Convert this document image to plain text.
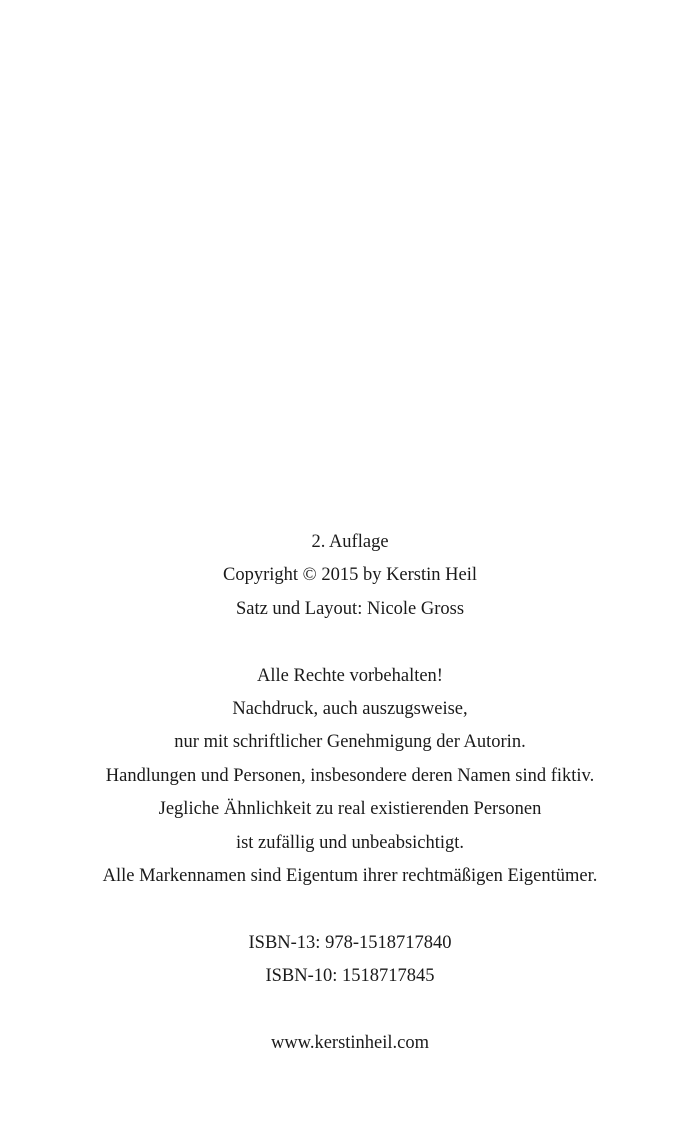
2. Auflage
Copyright © 2015 by Kerstin Heil
Satz und Layout: Nicole Gross
Alle Rechte vorbehalten!
Nachdruck, auch auszugsweise,
nur mit schriftlicher Genehmigung der Autorin.
Handlungen und Personen, insbesondere deren Namen sind fiktiv.
Jegliche Ähnlichkeit zu real existierenden Personen
ist zufällig und unbeabsichtigt.
Alle Markennamen sind Eigentum ihrer rechtmäßigen Eigentümer.
ISBN-13: 978-1518717840
ISBN-10: 1518717845
www.kerstinheil.com
